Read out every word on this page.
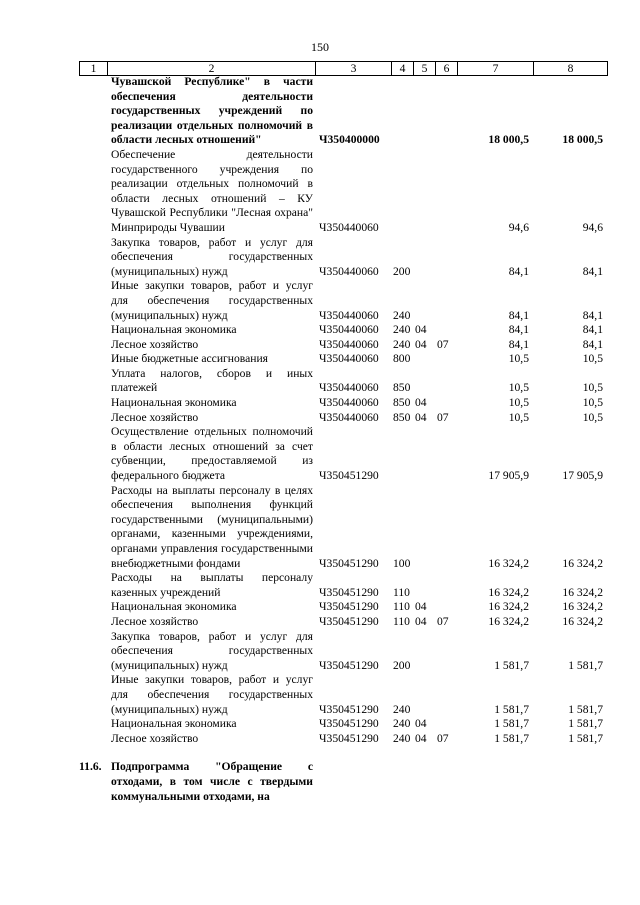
150
1	2	3	4	5	6	7	8
	Чувашской Республике" в части обеспечения деятельности государственных учреждений по реализации отдельных полномочий в области лесных отношений"	Ч350400000				18 000,5	18 000,5
	Обеспечение деятельности государственного учреждения по реализации отдельных полномочий в области лесных отношений – КУ Чувашской Республики "Лесная охрана" Минприроды Чувашии	Ч350440060				94,6	94,6
	Закупка товаров, работ и услуг для обеспечения государственных (муниципальных) нужд	Ч350440060	200			84,1	84,1
	Иные закупки товаров, работ и услуг для обеспечения государственных (муниципальных) нужд	Ч350440060	240			84,1	84,1
	Национальная экономика	Ч350440060	240	04		84,1	84,1
	Лесное хозяйство	Ч350440060	240	04	07	84,1	84,1
	Иные бюджетные ассигнования	Ч350440060	800			10,5	10,5
	Уплата налогов, сборов и иных платежей	Ч350440060	850			10,5	10,5
	Национальная экономика	Ч350440060	850	04		10,5	10,5
	Лесное хозяйство	Ч350440060	850	04	07	10,5	10,5
	Осуществление отдельных полномочий в области лесных отношений за счет субвенции, предоставляемой из федерального бюджета	Ч350451290				17 905,9	17 905,9
	Расходы на выплаты персоналу в целях обеспечения выполнения функций государственными (муниципальными) органами, казенными учреждениями, органами управления государственными внебюджетными фондами	Ч350451290	100			16 324,2	16 324,2
	Расходы на выплаты персоналу казенных учреждений	Ч350451290	110			16 324,2	16 324,2
	Национальная экономика	Ч350451290	110	04		16 324,2	16 324,2
	Лесное хозяйство	Ч350451290	110	04	07	16 324,2	16 324,2
	Закупка товаров, работ и услуг для обеспечения государственных (муниципальных) нужд	Ч350451290	200			1 581,7	1 581,7
	Иные закупки товаров, работ и услуг для обеспечения государственных (муниципальных) нужд	Ч350451290	240			1 581,7	1 581,7
	Национальная экономика	Ч350451290	240	04		1 581,7	1 581,7
	Лесное хозяйство	Ч350451290	240	04	07	1 581,7	1 581,7

11.6.	Подпрограмма "Обращение с отходами, в том числе с твердыми коммунальными отходами, на						
